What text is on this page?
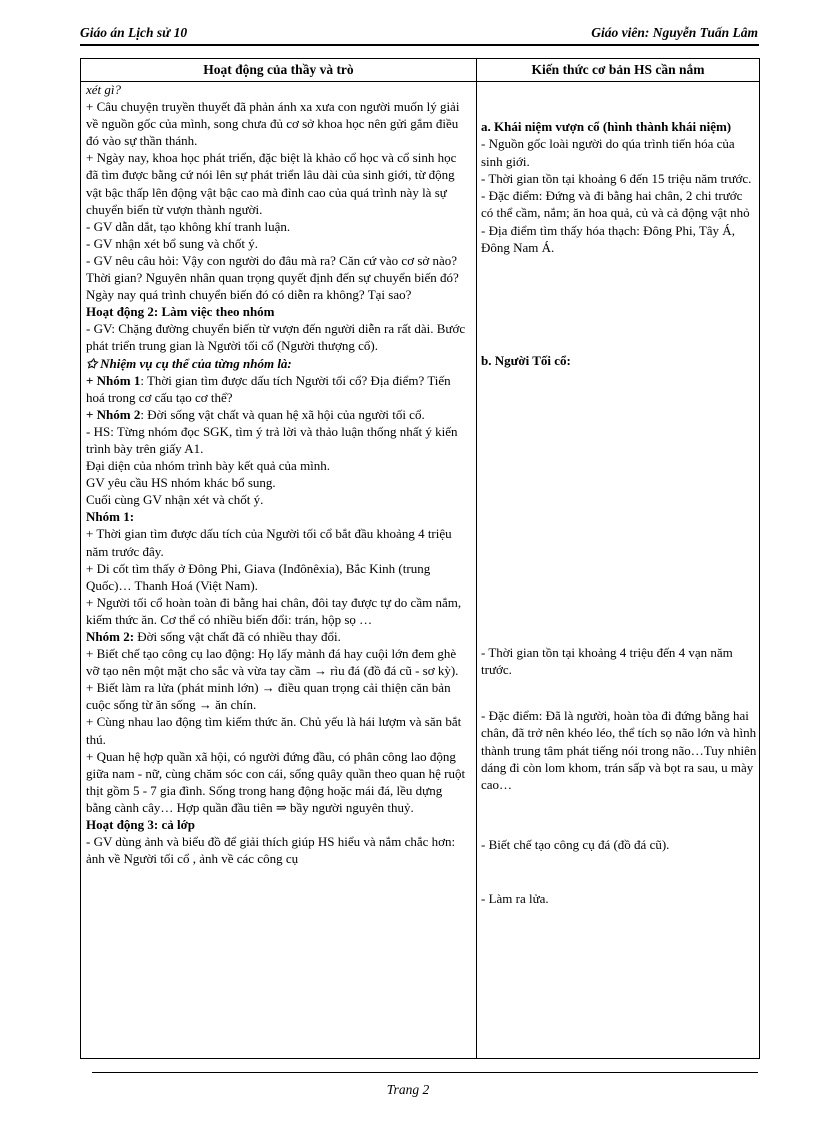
Giáo án Lịch sử 10	Giáo viên: Nguyễn Tuấn Lâm
Hoạt động của thầy và trò	Kiến thức cơ bản HS cần nắm

xét gì?

+ Câu chuyện truyền thuyết đã phản ánh xa xưa con người muốn lý giải về nguồn gốc của mình, song chưa đủ cơ sở khoa học nên gửi gắm điều đó vào sự thần thánh.

+ Ngày nay, khoa học phát triển, đặc biệt là khảo cổ học và cổ sinh học đã tìm được bằng cứ nói lên sự phát triển lâu dài của sinh giới, từ động vật bậc thấp lên động vật bậc cao mà đỉnh cao của quá trình này là sự chuyển biến từ vượn thành người.

- GV dẫn dắt, tạo không khí tranh luận.

- GV nhận xét bổ sung và chốt ý.

- GV nêu câu hỏi: Vậy con người do đâu mà ra? Căn cứ vào cơ sở nào? Thời gian? Nguyên nhân quan trọng quyết định đến sự chuyển biến đó? Ngày nay quá trình chuyển biến đó có diễn ra không? Tại sao?

Hoạt động 2: Làm việc theo nhóm

- GV: Chặng đường chuyển biến từ vượn đến người diễn ra rất dài. Bước phát triển trung gian là Người tối cổ (Người thượng cổ).

✩ Nhiệm vụ cụ thể của từng nhóm là:

+ Nhóm 1: Thời gian tìm được dấu tích Người tối cổ? Địa điểm? Tiến hoá trong cơ cấu tạo cơ thể?

+ Nhóm 2: Đời sống vật chất và quan hệ xã hội của người tối cổ.

- HS: Từng nhóm đọc SGK, tìm ý trả lời và thảo luận thống nhất ý kiến trình bày trên giấy A1.

Đại diện của nhóm trình bày kết quả của mình.

GV yêu cầu HS nhóm khác bổ sung.

Cuối cùng GV nhận xét và chốt ý.

Nhóm 1:

+ Thời gian tìm được dấu tích của Người tối cổ bắt đầu khoảng 4 triệu năm trước đây.

+ Di cốt tìm thấy ở Đông Phi, Giava (Inđônêxia), Bắc Kinh (trung Quốc)… Thanh Hoá (Việt Nam).

+ Người tối cổ hoàn toàn đi bằng hai chân, đôi tay được tự do cầm nắm, kiếm thức ăn. Cơ thể có nhiều biến đổi: trán, hộp sọ …

Nhóm 2: Đời sống vật chất đã có nhiều thay đổi.

+ Biết chế tạo công cụ lao động: Họ lấy mảnh đá hay cuội lớn đem ghè vỡ tạo nên một mặt cho sắc và vừa tay cầm → rìu đá (đồ đá cũ - sơ kỳ).

+ Biết làm ra lửa (phát minh lớn) → điều quan trọng cải thiện căn bản cuộc sống từ ăn sống → ăn chín.

+ Cùng nhau lao động tìm kiếm thức ăn. Chủ yếu là hái lượm và săn bắt thú.

+ Quan hệ hợp quần xã hội, có người đứng đầu, có phân công lao động giữa nam - nữ, cùng chăm sóc con cái, sống quây quần theo quan hệ ruột thịt gồm 5 - 7 gia đình. Sống trong hang động hoặc mái đá, lều dựng bằng cành cây… Hợp quần đầu tiên ⇒ bầy người nguyên thuỷ.

Hoạt động 3: cả lớp

- GV dùng ảnh và biểu đồ để giải thích giúp HS hiểu và nắm chắc hơn: ảnh về Người tối cổ , ảnh về các công cụ

a. Khái niệm vượn cổ (hình thành khái niệm)

- Nguồn gốc loài người do qúa trình tiến hóa của sinh giới.

- Thời gian tồn tại khoảng 6 đến 15 triệu năm trước.

- Đặc điểm: Đứng và đi bằng hai chân, 2 chi trước có thể cầm, nắm; ăn hoa quả, củ và cả động vật nhỏ

- Địa điểm tìm thấy hóa thạch: Đông Phi, Tây Á, Đông Nam Á.

b. Người Tối cổ:

- Thời gian tồn tại khoảng 4 triệu đến 4 vạn năm trước.
- Đặc điểm: Đã là người, hoàn tòa đi đứng bằng hai chân, đã trở nên khéo léo, thể tích sọ não lớn và hình thành trung tâm phát tiếng nói trong não…Tuy nhiên dáng đi còn lom khom, trán sấp và bọt ra sau, u mày cao…
- Biết chế tạo công cụ đá (đồ đá cũ).
- Làm ra lửa.
Trang 2
